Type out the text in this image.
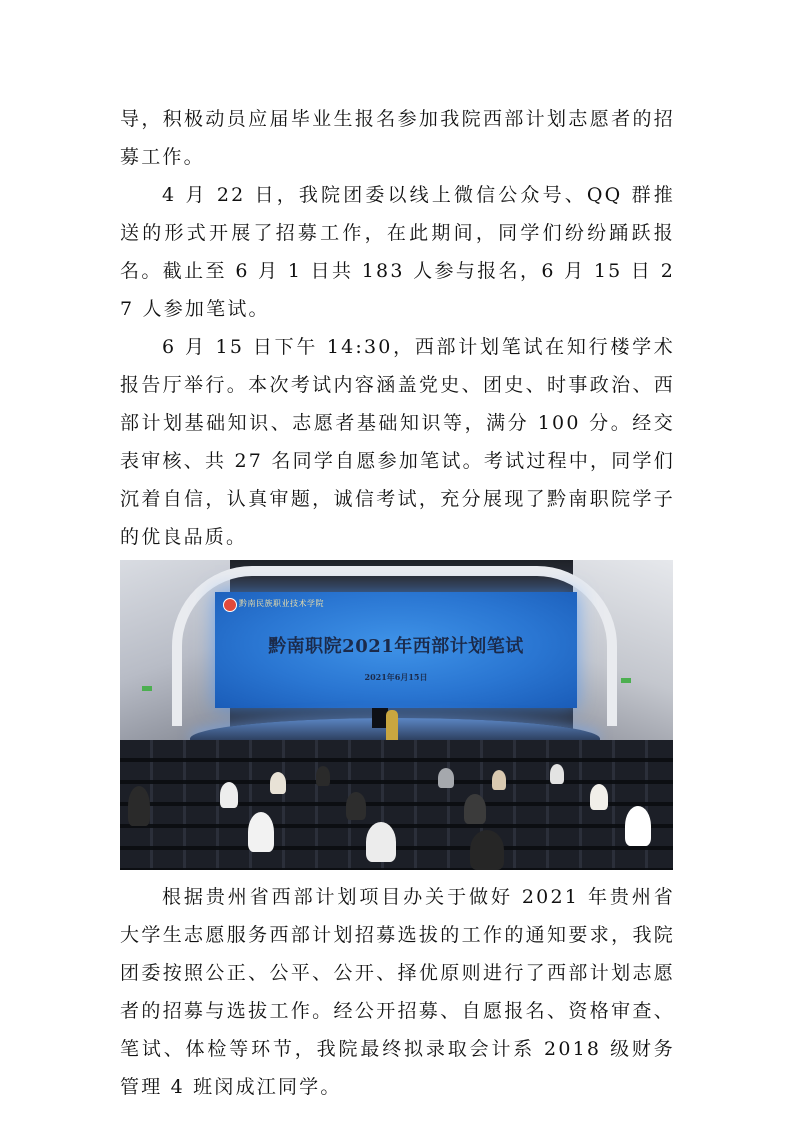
导，积极动员应届毕业生报名参加我院西部计划志愿者的招募工作。

4 月 22 日，我院团委以线上微信公众号、QQ 群推送的形式开展了招募工作，在此期间，同学们纷纷踊跃报名。截止至 6 月 1 日共 183 人参与报名，6 月 15 日 27 人参加笔试。

6 月 15 日下午 14:30，西部计划笔试在知行楼学术报告厅举行。本次考试内容涵盖党史、团史、时事政治、西部计划基础知识、志愿者基础知识等，满分 100 分。经交表审核、共 27 名同学自愿参加笔试。考试过程中，同学们沉着自信，认真审题，诚信考试，充分展现了黔南职院学子的优良品质。

黔南民族职业技术学院
黔南职院2021年西部计划笔试
2021年6月15日

根据贵州省西部计划项目办关于做好 2021 年贵州省大学生志愿服务西部计划招募选拔的工作的通知要求，我院团委按照公正、公平、公开、择优原则进行了西部计划志愿者的招募与选拔工作。经公开招募、自愿报名、资格审查、笔试、体检等环节，我院最终拟录取会计系 2018 级财务管理 4 班闵成江同学。
